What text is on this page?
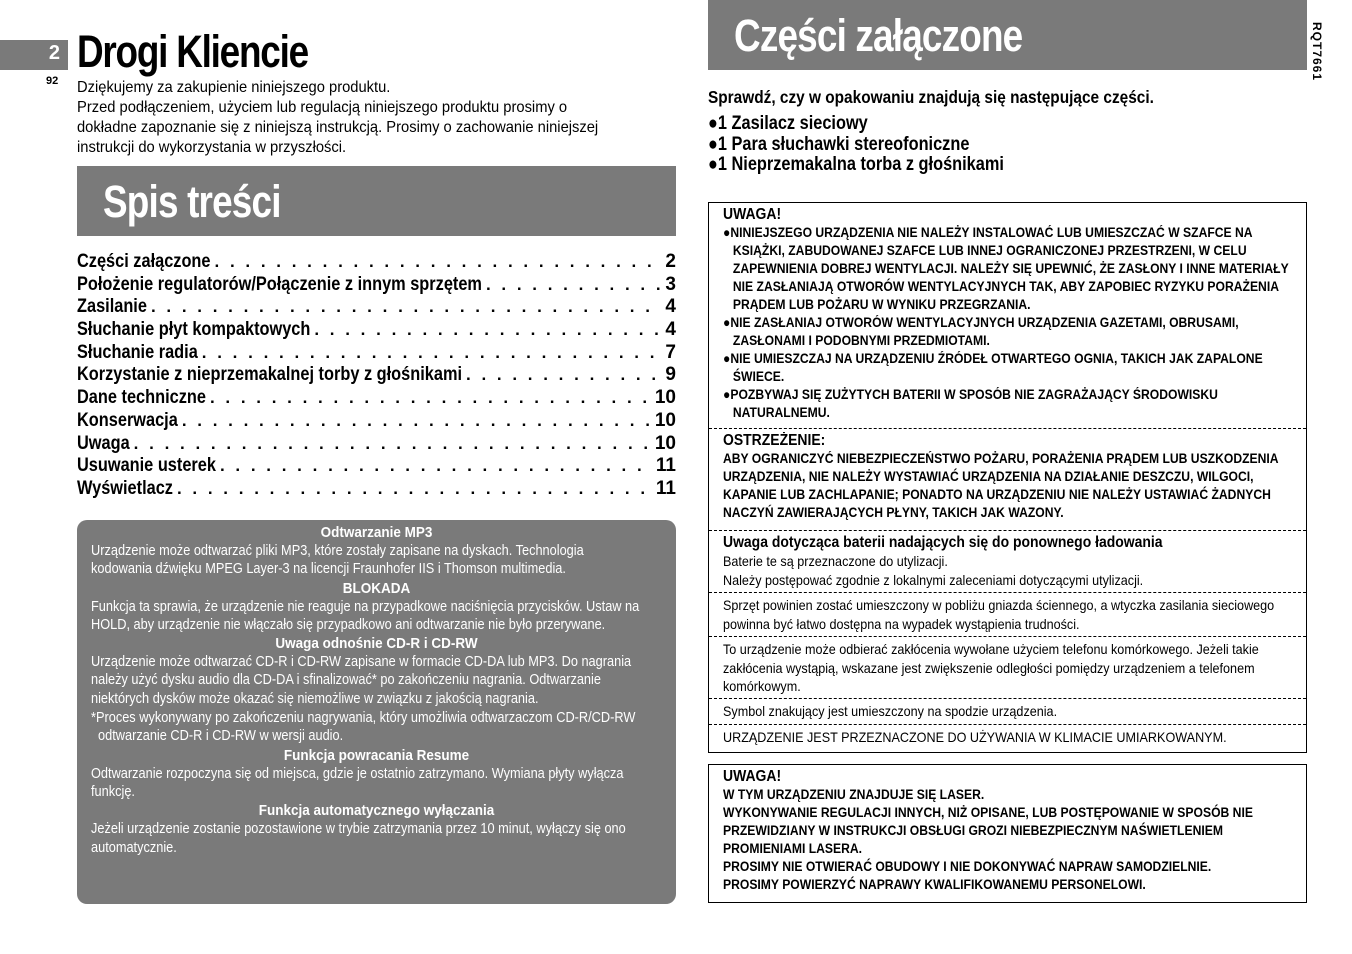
2
92
Drogi Kliencie

Dziękujemy za zakupienie niniejszego produktu.
Przed podłączeniem, użyciem lub regulacją niniejszego produktu prosimy o dokładne zapoznanie się z niniejszą instrukcją. Prosimy o zachowanie niniejszej instrukcji do wykorzystania w przyszłości.

Spis treści
Części załączone . . .	2
Położenie regulatorów/Połączenie z innym sprzętem . . .	3
Zasilanie . . .	4
Słuchanie płyt kompaktowych . . .	4
Słuchanie radia . . .	7
Korzystanie z nieprzemakalnej torby z głośnikami . . .	9
Dane techniczne . . .	10
Konserwacja . . .	10
Uwaga . . .	10
Usuwanie usterek . . .	11
Wyświetlacz . . .	11
Odtwarzanie MP3

Urządzenie może odtwarzać pliki MP3, które zostały zapisane na dyskach. Technologia kodowania dźwięku MPEG Layer-3 na licencji Fraunhofer IIS i Thomson multimedia.

BLOKADA

Funkcja ta sprawia, że urządzenie nie reaguje na przypadkowe naciśnięcia przycisków. Ustaw na HOLD, aby urządzenie nie włączało się przypadkowo ani odtwarzanie nie było przerywane.

Uwaga odnośnie CD-R i CD-RW

Urządzenie może odtwarzać CD-R i CD-RW zapisane w formacie CD-DA lub MP3. Do nagrania należy użyć dysku audio dla CD-DA i sfinalizować* po zakończeniu nagrania. Odtwarzanie niektórych dysków może okazać się niemożliwe w związku z jakością nagrania.

*Proces wykonywany po zakończeniu nagrywania, który umożliwia odtwarzaczom CD-R/CD-RW odtwarzanie CD-R i CD-RW w wersji audio.

Funkcja powracania Resume

Odtwarzanie rozpoczyna się od miejsca, gdzie je ostatnio zatrzymano. Wymiana płyty wyłącza funkcję.

Funkcja automatycznego wyłączania

Jeżeli urządzenie zostanie pozostawione w trybie zatrzymania przez 10 minut, wyłączy się ono automatycznie.

Części załączone	RQT7661

Sprawdź, czy w opakowaniu znajdują się następujące części.

●1 Zasilacz sieciowy
●1 Para słuchawki stereofoniczne
●1 Nieprzemakalna torba z głośnikami
UWAGA!

●NINIEJSZEGO URZĄDZENIA NIE NALEŻY INSTALOWAĆ LUB UMIESZCZAĆ W SZAFCE NA KSIĄŻKI, ZABUDOWANEJ SZAFCE LUB INNEJ OGRANICZONEJ PRZESTRZENI, W CELU ZAPEWNIENIA DOBREJ WENTYLACJI. NALEŻY SIĘ UPEWNIĆ, ŻE ZASŁONY I INNE MATERIAŁY NIE ZASŁANIAJĄ OTWORÓW WENTYLACYJNYCH TAK, ABY ZAPOBIEC RYZYKU PORAŻENIA PRĄDEM LUB POŻARU W WYNIKU PRZEGRZANIA.

●NIE ZASŁANIAJ OTWORÓW WENTYLACYJNYCH URZĄDZENIA GAZETAMI, OBRUSAMI, ZASŁONAMI I PODOBNYMI PRZEDMIOTAMI.

●NIE UMIESZCZAJ NA URZĄDZENIU ŹRÓDEŁ OTWARTEGO OGNIA, TAKICH JAK ZAPALONE ŚWIECE.

●POZBYWAJ SIĘ ZUŻYTYCH BATERII W SPOSÓB NIE ZAGRAŻAJĄCY ŚRODOWISKU NATURALNEMU.

OSTRZEŻENIE:

ABY OGRANICZYĆ NIEBEZPIECZEŃSTWO POŻARU, PORAŻENIA PRĄDEM LUB USZKODZENIA URZĄDZENIA, NIE NALEŻY WYSTAWIAĆ URZĄDZENIA NA DZIAŁANIE DESZCZU, WILGOCI, KAPANIE LUB ZACHLAPANIE; PONADTO NA URZĄDZENIU NIE NALEŻY USTAWIAĆ ŻADNYCH NACZYŃ ZAWIERAJĄCYCH PŁYNY, TAKICH JAK WAZONY.

Uwaga dotycząca baterii nadających się do ponownego ładowania

Baterie te są przeznaczone do utylizacji.
Należy postępować zgodnie z lokalnymi zaleceniami dotyczącymi utylizacji.

Sprzęt powinien zostać umieszczony w pobliżu gniazda ściennego, a wtyczka zasilania sieciowego powinna być łatwo dostępna na wypadek wystąpienia trudności.

To urządzenie może odbierać zakłócenia wywołane użyciem telefonu komórkowego. Jeżeli takie zakłócenia wystąpią, wskazane jest zwiększenie odległości pomiędzy urządzeniem a telefonem komórkowym.

Symbol znakujący jest umieszczony na spodzie urządzenia.

URZĄDZENIE JEST PRZEZNACZONE DO UŻYWANIA W KLIMACIE UMIARKOWANYM.

UWAGA!

W TYM URZĄDZENIU ZNAJDUJE SIĘ LASER.
WYKONYWANIE REGULACJI INNYCH, NIŻ OPISANE, LUB POSTĘPOWANIE W SPOSÓB NIE PRZEWIDZIANY W INSTRUKCJI OBSŁUGI GROZI NIEBEZPIECZNYM NAŚWIETLENIEM PROMIENIAMI LASERA.
PROSIMY NIE OTWIERAĆ OBUDOWY I NIE DOKONYWAĆ NAPRAW SAMODZIELNIE.
PROSIMY POWIERZYĆ NAPRAWY KWALIFIKOWANEMU PERSONELOWI.
